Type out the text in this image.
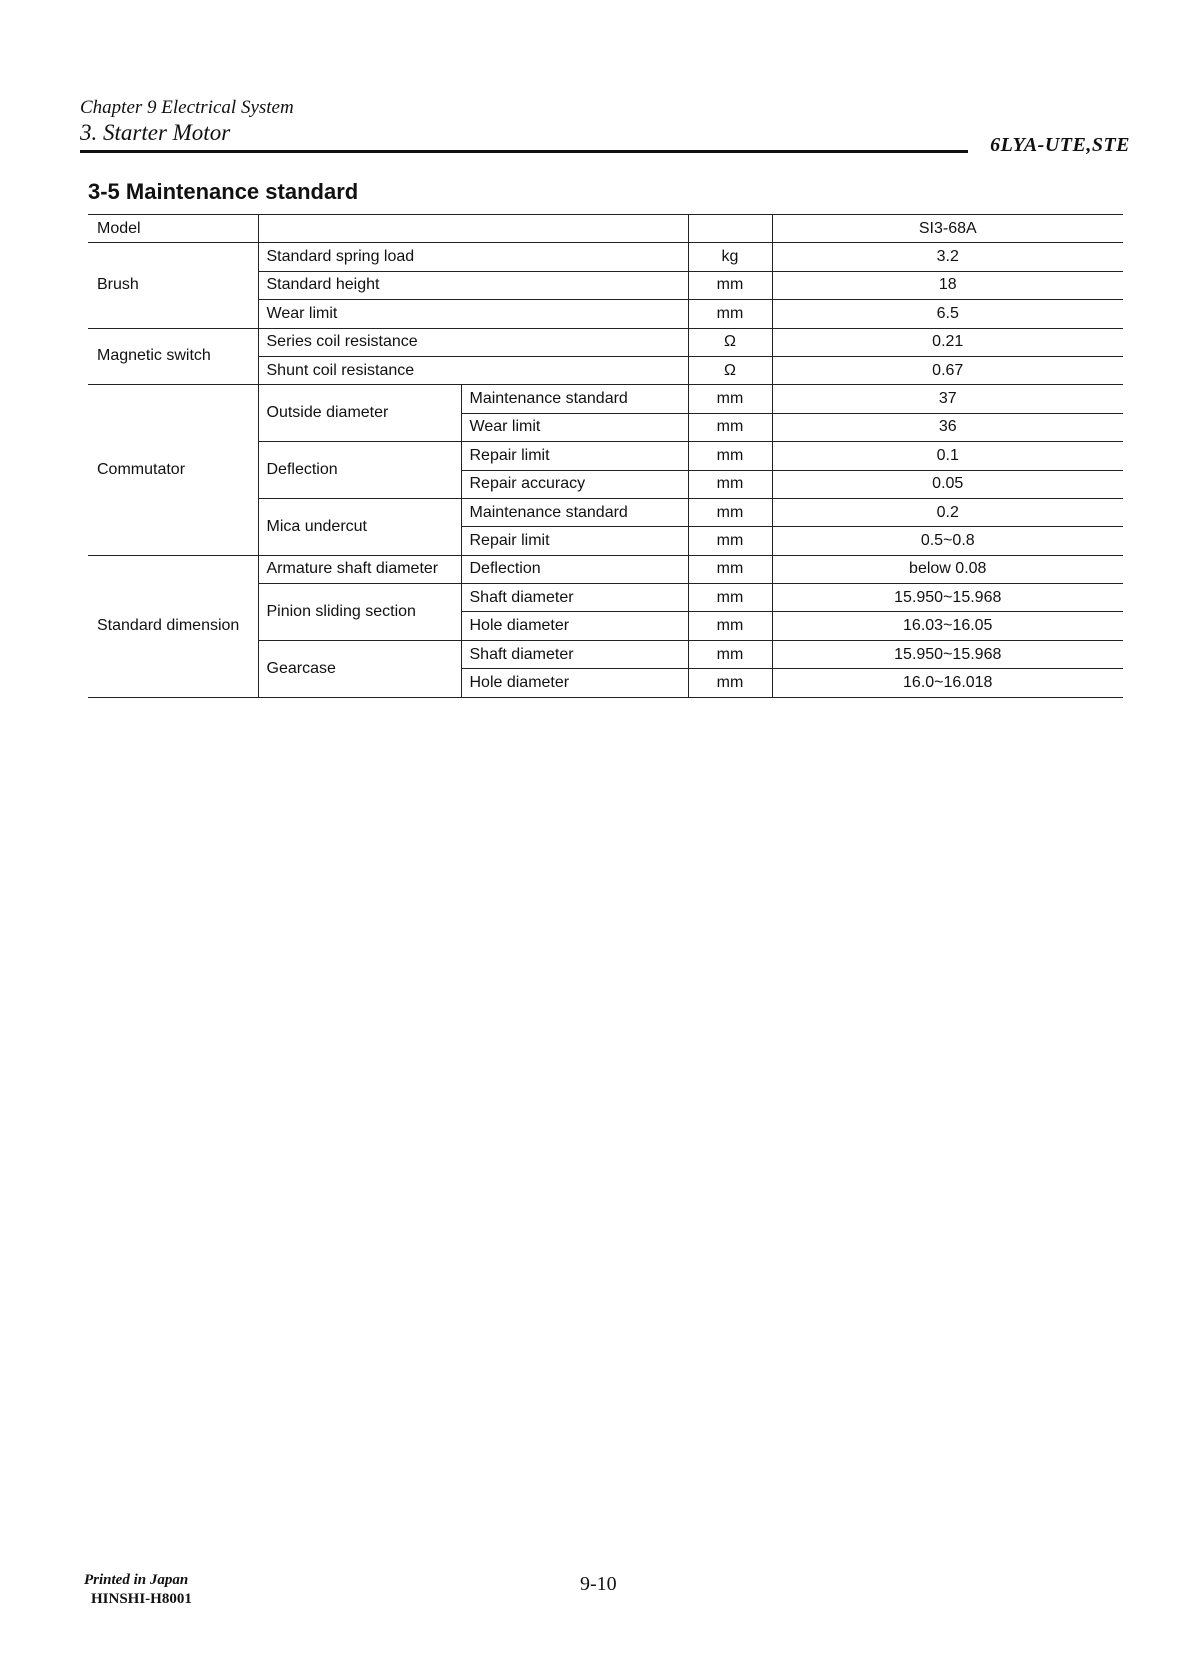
Chapter 9 Electrical System
3. Starter Motor	6LYA-UTE,STE
3-5 Maintenance standard
Model				SI3-68A
Brush	Standard spring load		kg	3.2
	Standard height		mm	18
	Wear limit		mm	6.5
Magnetic switch	Series coil resistance		Ω	0.21
	Shunt coil resistance		Ω	0.67
Commutator	Outside diameter	Maintenance standard	mm	37
		Wear limit	mm	36
	Deflection	Repair limit	mm	0.1
		Repair accuracy	mm	0.05
	Mica undercut	Maintenance standard	mm	0.2
		Repair limit	mm	0.5~0.8
Standard dimension	Armature shaft diameter	Deflection	mm	below 0.08
	Pinion sliding section	Shaft diameter	mm	15.950~15.968
		Hole diameter	mm	16.03~16.05
	Gearcase	Shaft diameter	mm	15.950~15.968
		Hole diameter	mm	16.0~16.018
Printed in Japan
HINSHI-H8001
9-10
